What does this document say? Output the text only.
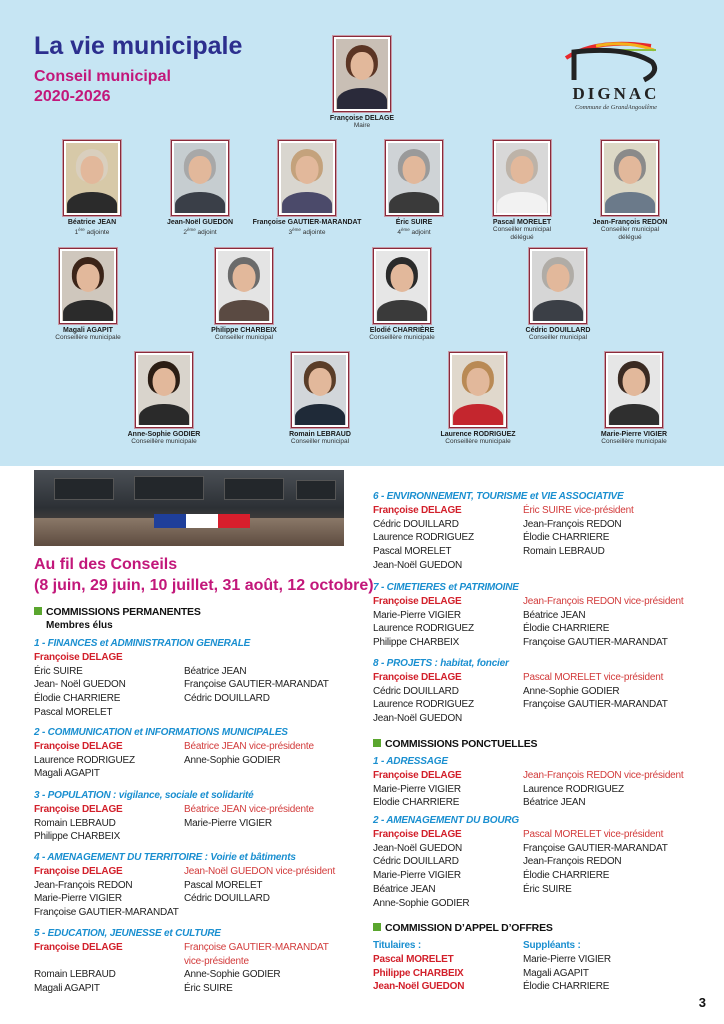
La vie municipale
Conseil municipal
2020-2026	DIGNAC
Commune de GrandAngoulême
Françoise DELAGE
Maire
Béatrice JEAN
1ère adjointe
Jean-Noël GUEDON
2ème adjoint
Françoise GAUTIER-MARANDAT
3ème adjointe
Éric SUIRE
4ème adjoint
Pascal MORELET
Conseiller municipal
délégué
Jean-François REDON
Conseiller municipal
délégué
Magali AGAPIT
Conseillère municipale
Philippe CHARBEIX
Conseiller municipal
Elodié CHARRIÈRE
Conseillère municipale
Cédric DOUILLARD
Conseiller municipal
Anne-Sophie GODIER
Conseillère municipale
Romain LEBRAUD
Conseiller municipal
Laurence RODRIGUEZ
Conseillère municipale
Marie-Pierre VIGIER
Conseillère municipale
Au fil des Conseils
(8 juin, 29 juin, 10 juillet, 31 août, 12 octobre)
COMMISSIONS PERMANENTES
Membres élus
1 - FINANCES et ADMINISTRATION GENERALE
Françoise DELAGE
Éric SUIRE	Béatrice JEAN
Jean- Noël GUEDON	Françoise GAUTIER-MARANDAT
Élodie CHARRIERE	Cédric DOUILLARD
Pascal MORELET
2 - COMMUNICATION et INFORMATIONS MUNICIPALES
Françoise DELAGE	Béatrice JEAN vice-présidente
Laurence RODRIGUEZ	Anne-Sophie GODIER
Magali AGAPIT
3 - POPULATION : vigilance, sociale et solidarité
Françoise DELAGE	Béatrice JEAN vice-présidente
Romain LEBRAUD	Marie-Pierre VIGIER
Philippe CHARBEIX
4 - AMENAGEMENT DU TERRITOIRE : Voirie et bâtiments
Françoise DELAGE	Jean-Noël GUEDON vice-président
Jean-François REDON	Pascal MORELET
Marie-Pierre VIGIER	Cédric DOUILLARD
Françoise GAUTIER-MARANDAT
5 - EDUCATION, JEUNESSE et CULTURE
Françoise DELAGE	Françoise GAUTIER-MARANDAT
vice-présidente
Romain LEBRAUD	Anne-Sophie GODIER
Magali AGAPIT	Éric SUIRE
6 - ENVIRONNEMENT, TOURISME et VIE ASSOCIATIVE
Françoise DELAGE	Éric SUIRE vice-président
Cédric DOUILLARD	Jean-François REDON
Laurence RODRIGUEZ	Élodie CHARRIERE
Pascal MORELET	Romain LEBRAUD
Jean-Noël GUEDON
7 - CIMETIERES et PATRIMOINE
Françoise DELAGE	Jean-François REDON vice-président
Marie-Pierre VIGIER	Béatrice JEAN
Laurence RODRIGUEZ	Élodie CHARRIERE
Philippe CHARBEIX	Françoise GAUTIER-MARANDAT
8 - PROJETS : habitat, foncier
Françoise DELAGE	Pascal MORELET vice-président
Cédric DOUILLARD	Anne-Sophie GODIER
Laurence RODRIGUEZ	Françoise GAUTIER-MARANDAT
Jean-Noël GUEDON
COMMISSIONS PONCTUELLES
1 - ADRESSAGE
Françoise DELAGE	Jean-François REDON vice-président
Marie-Pierre VIGIER	Laurence RODRIGUEZ
Elodie CHARRIERE	Béatrice JEAN
2 - AMENAGEMENT DU BOURG
Françoise DELAGE	Pascal MORELET vice-président
Jean-Noël GUEDON	Françoise GAUTIER-MARANDAT
Cédric DOUILLARD	Jean-François REDON
Marie-Pierre VIGIER	Élodie CHARRIERE
Béatrice JEAN	Éric SUIRE
Anne-Sophie GODIER
COMMISSION D’APPEL D’OFFRES
Titulaires :	Suppléants :
Pascal MORELET	Marie-Pierre VIGIER
Philippe CHARBEIX	Magali AGAPIT
Jean-Noël GUEDON	Élodie CHARRIERE
3
